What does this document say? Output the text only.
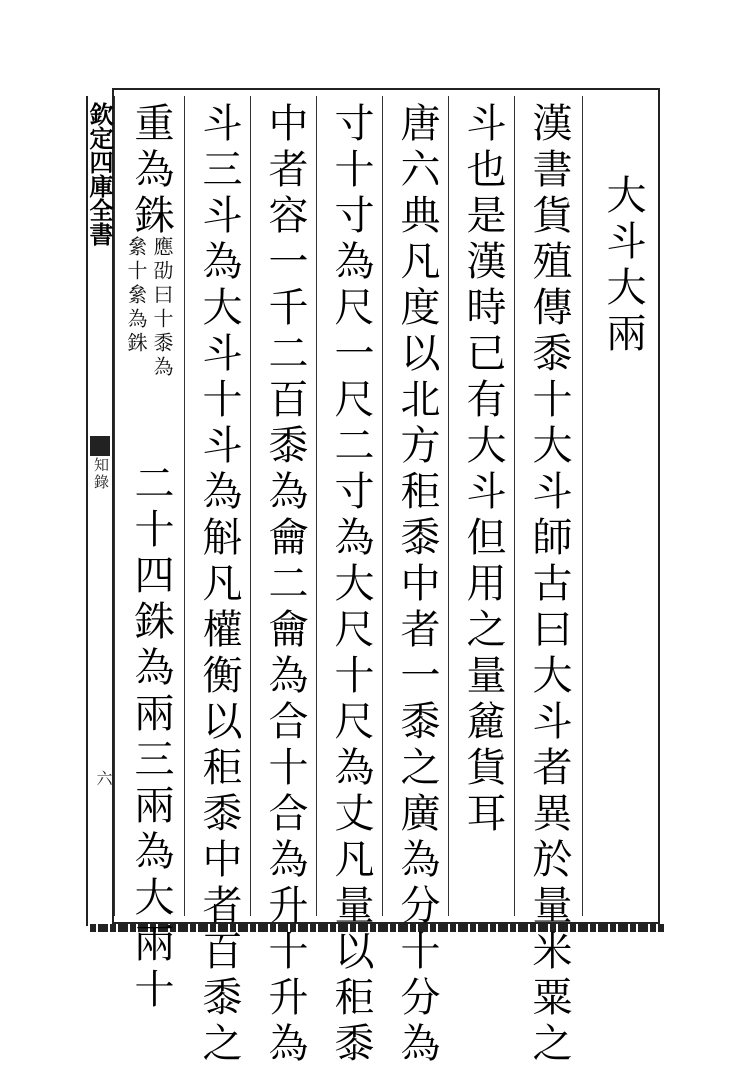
欽定四庫全書
日知錄
六
大斗大兩
漢書貨殖傳黍十大斗師古曰大斗者異於量米粟之
斗也是漢時已有大斗但用之量麄貨耳
唐六典凡度以北方秬黍中者一黍之廣為分十分為
寸十寸為尺一尺二寸為大尺十尺為丈凡量以秬黍
中者容一千二百黍為龠二龠為合十合為升十升為
斗三斗為大斗十斗為斛凡權衡以秬黍中者百黍之
重為銖
應劭曰十黍為
絫十絫為銖
二十四銖為兩三兩為大兩十
